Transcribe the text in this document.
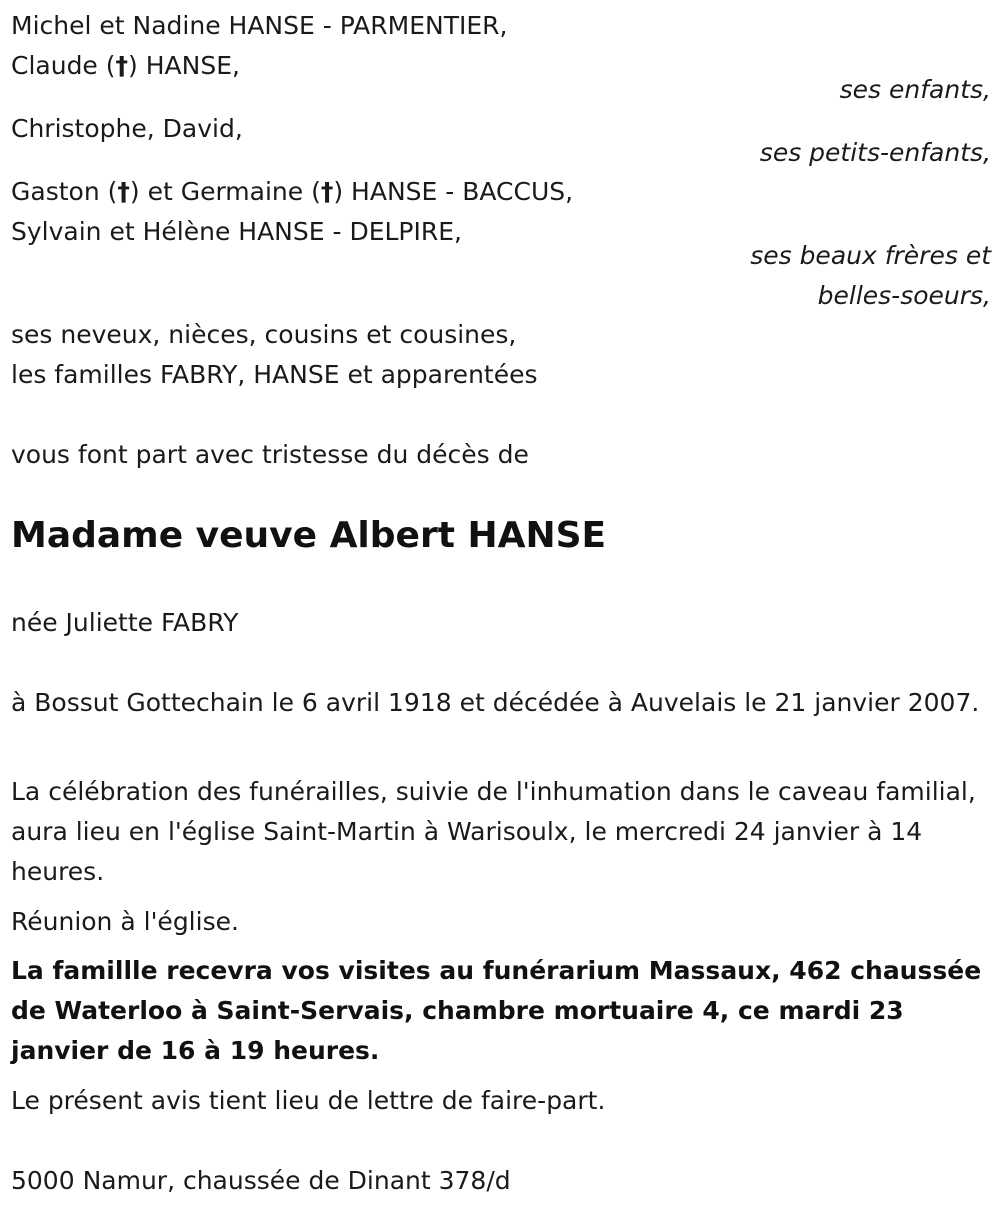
Michel et Nadine HANSE - PARMENTIER,
Claude (†) HANSE,
ses enfants,
Christophe, David,
ses petits-enfants,
Gaston (†) et Germaine (†) HANSE - BACCUS,
Sylvain et Hélène HANSE - DELPIRE,
ses beaux frères et
belles-soeurs,
ses neveux, nièces, cousins et cousines,
les familles FABRY, HANSE et apparentées
vous font part avec tristesse du décès de
Madame veuve Albert HANSE
née Juliette FABRY
à Bossut Gottechain le 6 avril 1918 et décédée à Auvelais le 21 janvier 2007.
La célébration des funérailles, suivie de l'inhumation dans le caveau familial, aura lieu en l'église Saint-Martin à Warisoulx, le mercredi 24 janvier à 14 heures.
Réunion à l'église.
La famillle recevra vos visites au funérarium Massaux, 462 chaussée de Waterloo à Saint-Servais, chambre mortuaire 4, ce mardi 23 janvier de 16 à 19 heures.
Le présent avis tient lieu de lettre de faire-part.
5000 Namur, chaussée de Dinant 378/d
